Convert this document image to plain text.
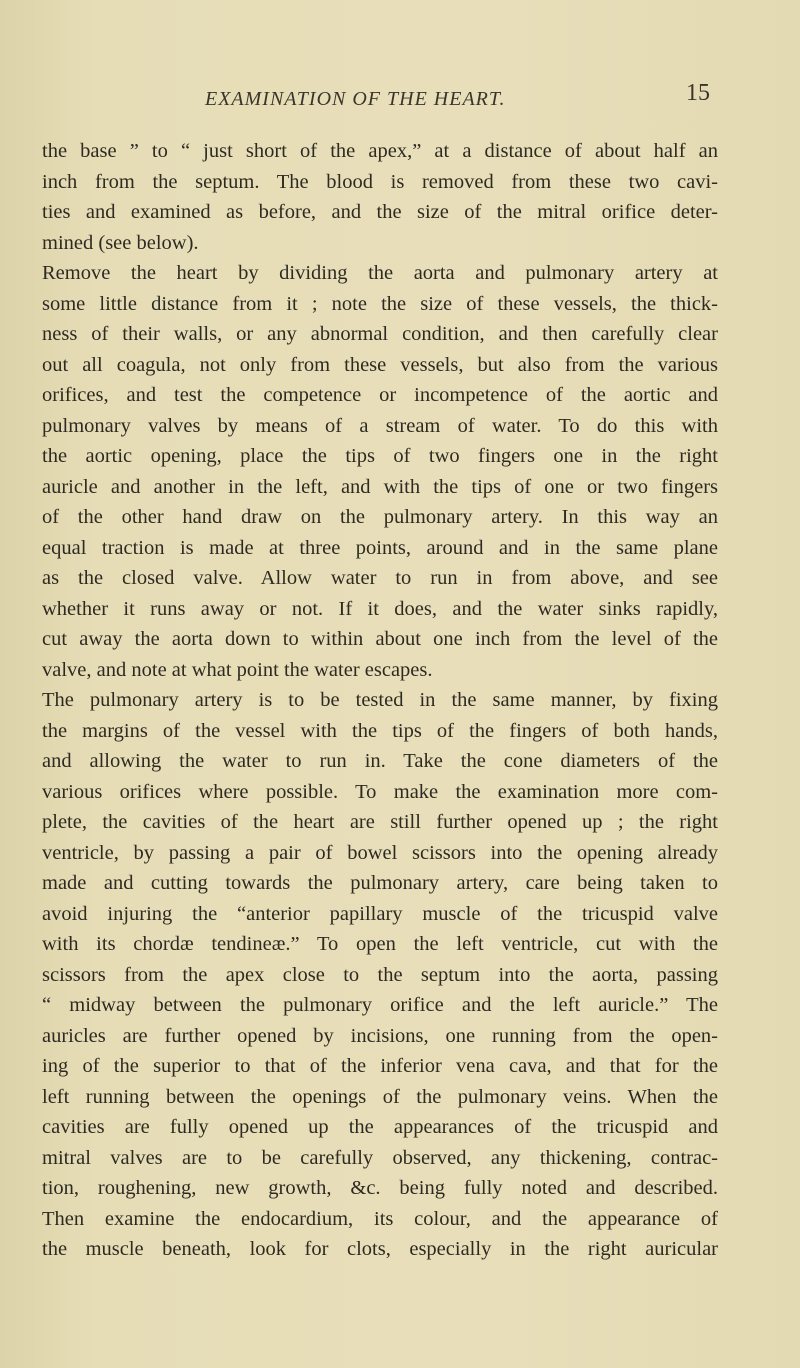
EXAMINATION OF THE HEART.	15
the base ” to “ just short of the apex,” at a distance of about half an
inch from the septum. The blood is removed from these two cavi-
ties and examined as before, and the size of the mitral orifice deter-
mined (see below).
Remove the heart by dividing the aorta and pulmonary artery at
some little distance from it ; note the size of these vessels, the thick-
ness of their walls, or any abnormal condition, and then carefully clear
out all coagula, not only from these vessels, but also from the various
orifices, and test the competence or incompetence of the aortic and
pulmonary valves by means of a stream of water. To do this with
the aortic opening, place the tips of two fingers one in the right
auricle and another in the left, and with the tips of one or two fingers
of the other hand draw on the pulmonary artery. In this way an
equal traction is made at three points, around and in the same plane
as the closed valve. Allow water to run in from above, and see
whether it runs away or not. If it does, and the water sinks rapidly,
cut away the aorta down to within about one inch from the level of the
valve, and note at what point the water escapes.
The pulmonary artery is to be tested in the same manner, by fixing
the margins of the vessel with the tips of the fingers of both hands,
and allowing the water to run in. Take the cone diameters of the
various orifices where possible. To make the examination more com-
plete, the cavities of the heart are still further opened up ; the right
ventricle, by passing a pair of bowel scissors into the opening already
made and cutting towards the pulmonary artery, care being taken to
avoid injuring the “anterior papillary muscle of the tricuspid valve
with its chordæ tendineæ.” To open the left ventricle, cut with the
scissors from the apex close to the septum into the aorta, passing
“ midway between the pulmonary orifice and the left auricle.” The
auricles are further opened by incisions, one running from the open-
ing of the superior to that of the inferior vena cava, and that for the
left running between the openings of the pulmonary veins. When the
cavities are fully opened up the appearances of the tricuspid and
mitral valves are to be carefully observed, any thickening, contrac-
tion, roughening, new growth, &c. being fully noted and described.
Then examine the endocardium, its colour, and the appearance of
the muscle beneath, look for clots, especially in the right auricular
